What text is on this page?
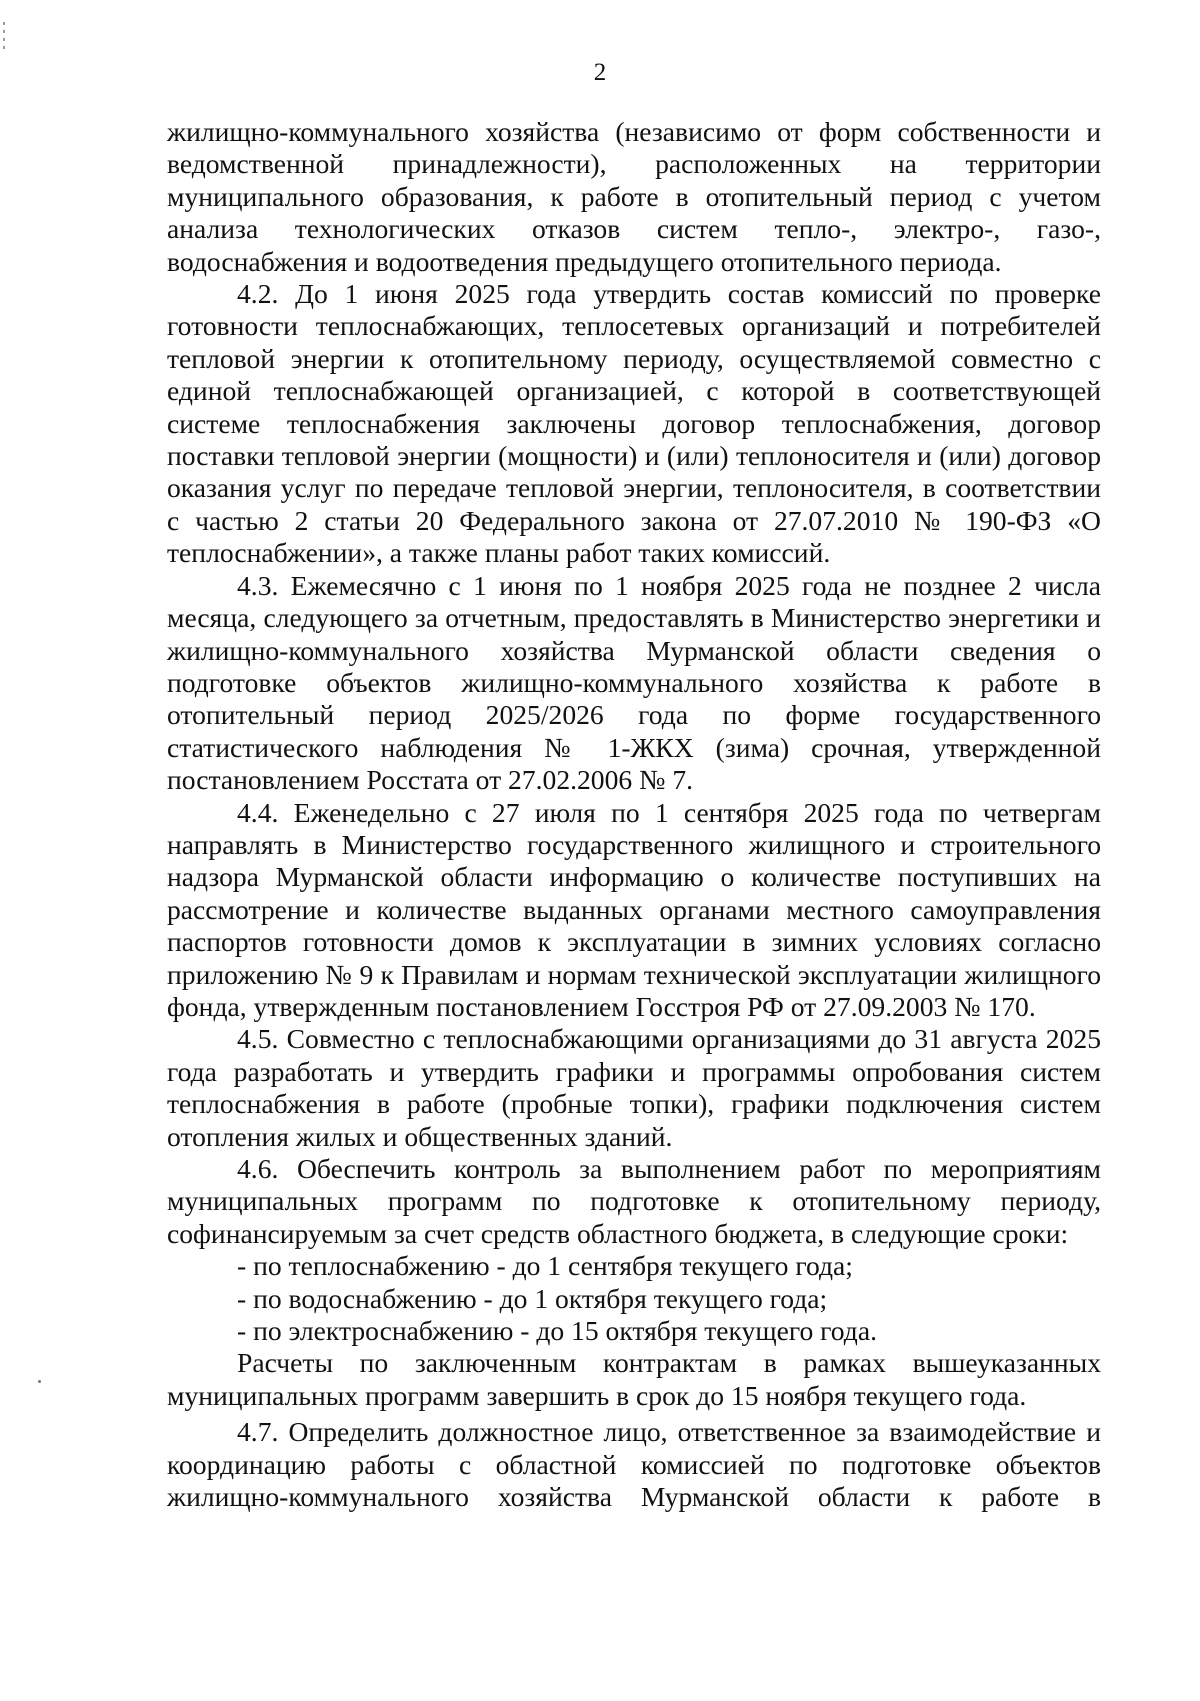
2

жилищно-коммунального хозяйства (независимо от форм собственности и ведомственной принадлежности), расположенных на территории муниципального образования, к работе в отопительный период с учетом анализа технологических отказов систем тепло-, электро-, газо-, водоснабжения и водоотведения предыдущего отопительного периода.

4.2. До 1 июня 2025 года утвердить состав комиссий по проверке готовности теплоснабжающих, теплосетевых организаций и потребителей тепловой энергии к отопительному периоду, осуществляемой совместно с единой теплоснабжающей организацией, с которой в соответствующей системе теплоснабжения заключены договор теплоснабжения, договор поставки тепловой энергии (мощности) и (или) теплоносителя и (или) договор оказания услуг по передаче тепловой энергии, теплоносителя, в соответствии с частью 2 статьи 20 Федерального закона от 27.07.2010 № 190-ФЗ «О теплоснабжении», а также планы работ таких комиссий.

4.3. Ежемесячно с 1 июня по 1 ноября 2025 года не позднее 2 числа месяца, следующего за отчетным, предоставлять в Министерство энергетики и жилищно-коммунального хозяйства Мурманской области сведения о подготовке объектов жилищно-коммунального хозяйства к работе в отопительный период 2025/2026 года по форме государственного статистического наблюдения № 1-ЖКХ (зима) срочная, утвержденной постановлением Росстата от 27.02.2006 № 7.

4.4. Еженедельно с 27 июля по 1 сентября 2025 года по четвергам направлять в Министерство государственного жилищного и строительного надзора Мурманской области информацию о количестве поступивших на рассмотрение и количестве выданных органами местного самоуправления паспортов готовности домов к эксплуатации в зимних условиях согласно приложению № 9 к Правилам и нормам технической эксплуатации жилищного фонда, утвержденным постановлением Госстроя РФ от 27.09.2003 № 170.

4.5. Совместно с теплоснабжающими организациями до 31 августа 2025 года разработать и утвердить графики и программы опробования систем теплоснабжения в работе (пробные топки), графики подключения систем отопления жилых и общественных зданий.

4.6. Обеспечить контроль за выполнением работ по мероприятиям муниципальных программ по подготовке к отопительному периоду, софинансируемым за счет средств областного бюджета, в следующие сроки:

- по теплоснабжению - до 1 сентября текущего года;

- по водоснабжению - до 1 октября текущего года;

- по электроснабжению - до 15 октября текущего года.

Расчеты по заключенным контрактам в рамках вышеуказанных муниципальных программ завершить в срок до 15 ноября текущего года.

4.7. Определить должностное лицо, ответственное за взаимодействие и координацию работы с областной комиссией по подготовке объектов жилищно-коммунального хозяйства Мурманской области к работе в
